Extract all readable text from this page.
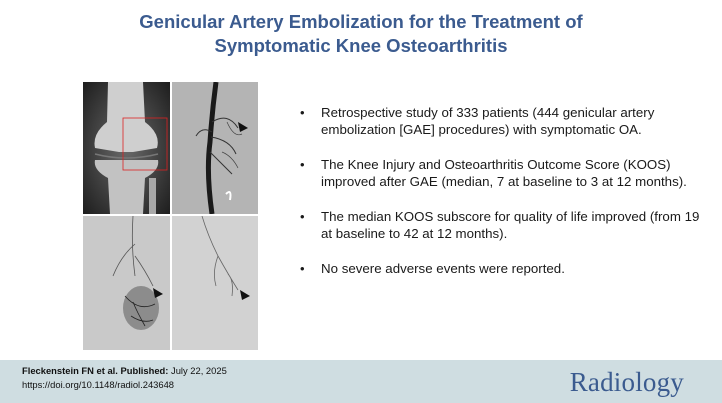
Genicular Artery Embolization for the Treatment of
Symptomatic Knee Osteoarthritis
• Retrospective study of 333 patients (444 genicular artery embolization [GAE] procedures) with symptomatic OA.
• The Knee Injury and Osteoarthritis Outcome Score (KOOS) improved after GAE (median, 7 at baseline to 3 at 12 months).
• The median KOOS subscore for quality of life improved (from 19 at baseline to 42 at 12 months).
• No severe adverse events were reported.
Fleckenstein FN et al. Published: July 22, 2025
https://doi.org/10.1148/radiol.243648	Radiology
